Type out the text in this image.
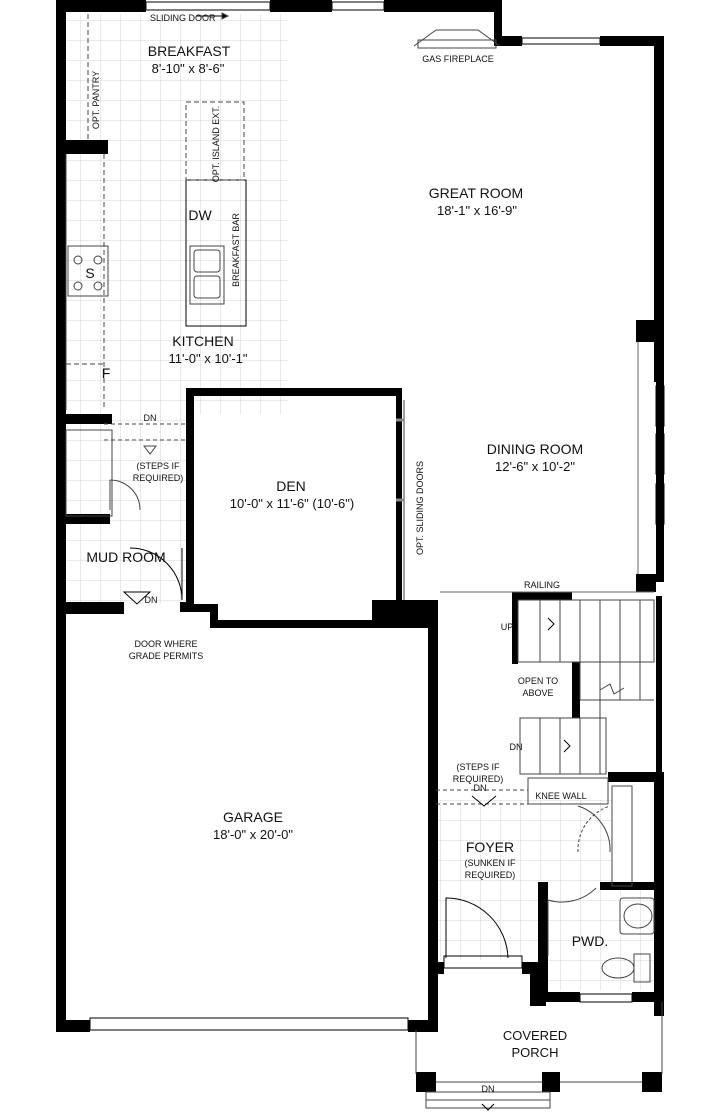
BREAKFAST
8'-10" x 8'-6"
GREAT ROOM
18'-1" x 16'-9"
KITCHEN
11'-0" x 10'-1"
DINING ROOM
12'-6" x 10'-2"
DEN
10'-0" x 11'-6" (10'-6")
MUD ROOM
GARAGE
18'-0" x 20'-0"
FOYER
(SUNKEN IF
REQUIRED)
PWD.
COVERED
PORCH
SLIDING DOOR
GAS FIREPLACE
OPT. PANTRY
OPT. ISLAND EXT.
BREAKFAST BAR
DW
S
F
OPT. SLIDING DOORS
DN
(STEPS IF
REQUIRED)
DN
DOOR WHERE
GRADE PERMITS
RAILING
UP
OPEN TO
ABOVE
DN
(STEPS IF
REQUIRED)
DN
KNEE WALL
DN
